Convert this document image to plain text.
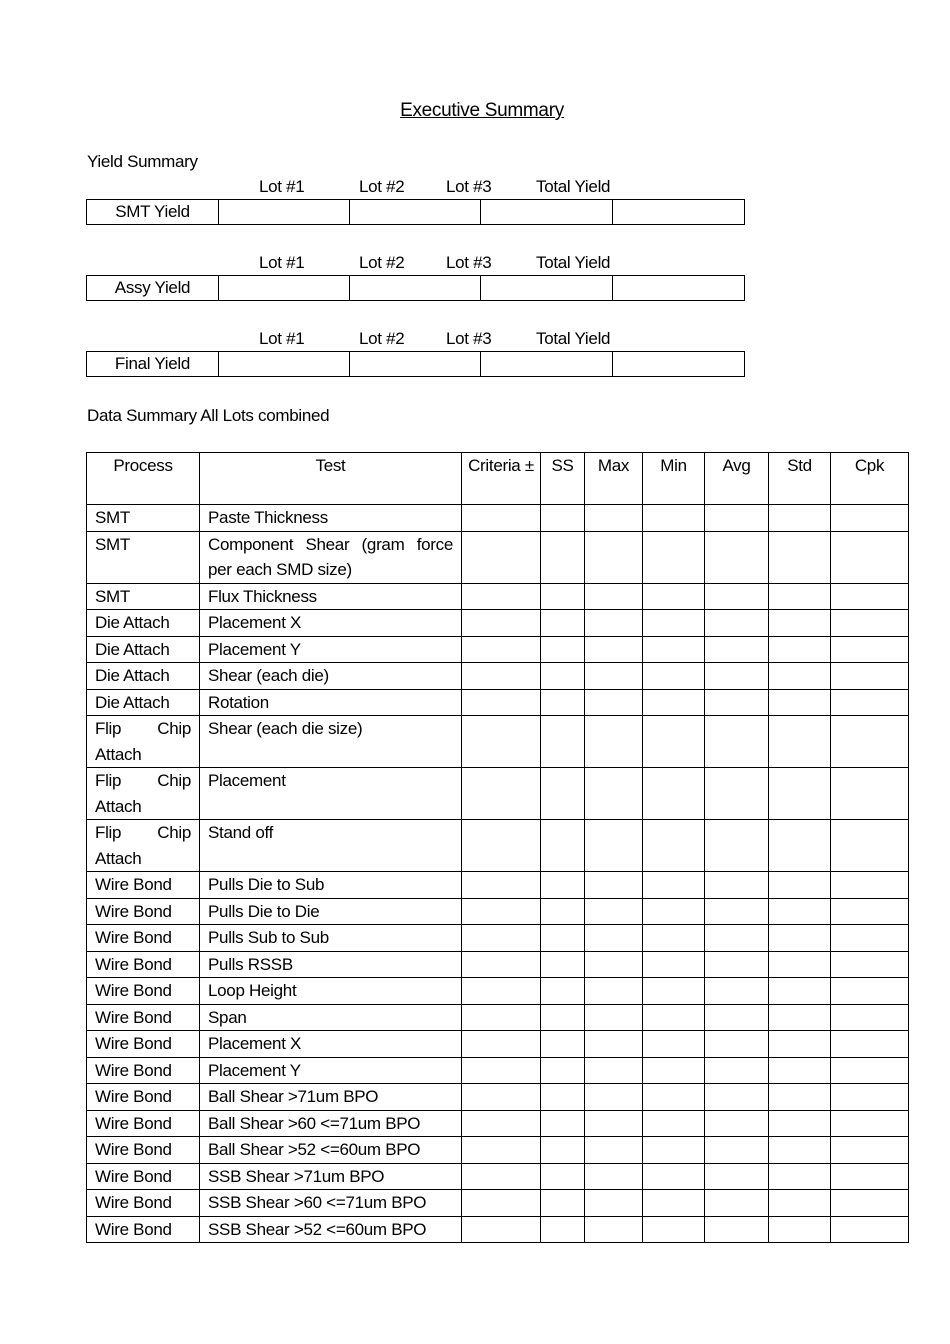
Executive Summary
Yield Summary
Lot #1	Lot #2 Lot #3	Total Yield
SMT Yield				
Lot #1	Lot #2 Lot #3	Total Yield
Assy Yield				
Lot #1	Lot #2 Lot #3	Total Yield
Final Yield				
Data Summary All Lots combined
Process	Test	Criteria ±	SS	Max	Min	Avg	Std	Cpk
SMT	Paste Thickness							
SMT	Component Shear (gram force per each SMD size)							
SMT	Flux Thickness							
Die Attach	Placement X							
Die Attach	Placement Y							
Die Attach	Shear (each die)							
Die Attach	Rotation							
Flip Chip Attach	Shear (each die size)							
Flip Chip Attach	Placement							
Flip Chip Attach	Stand off							
Wire Bond	Pulls Die to Sub							
Wire Bond	Pulls Die to Die							
Wire Bond	Pulls Sub to Sub							
Wire Bond	Pulls RSSB							
Wire Bond	Loop Height							
Wire Bond	Span							
Wire Bond	Placement X							
Wire Bond	Placement Y							
Wire Bond	Ball Shear >71um BPO							
Wire Bond	Ball Shear >60 <=71um BPO							
Wire Bond	Ball Shear >52 <=60um BPO							
Wire Bond	SSB Shear >71um BPO							
Wire Bond	SSB Shear >60 <=71um BPO							
Wire Bond	SSB Shear >52 <=60um BPO							
